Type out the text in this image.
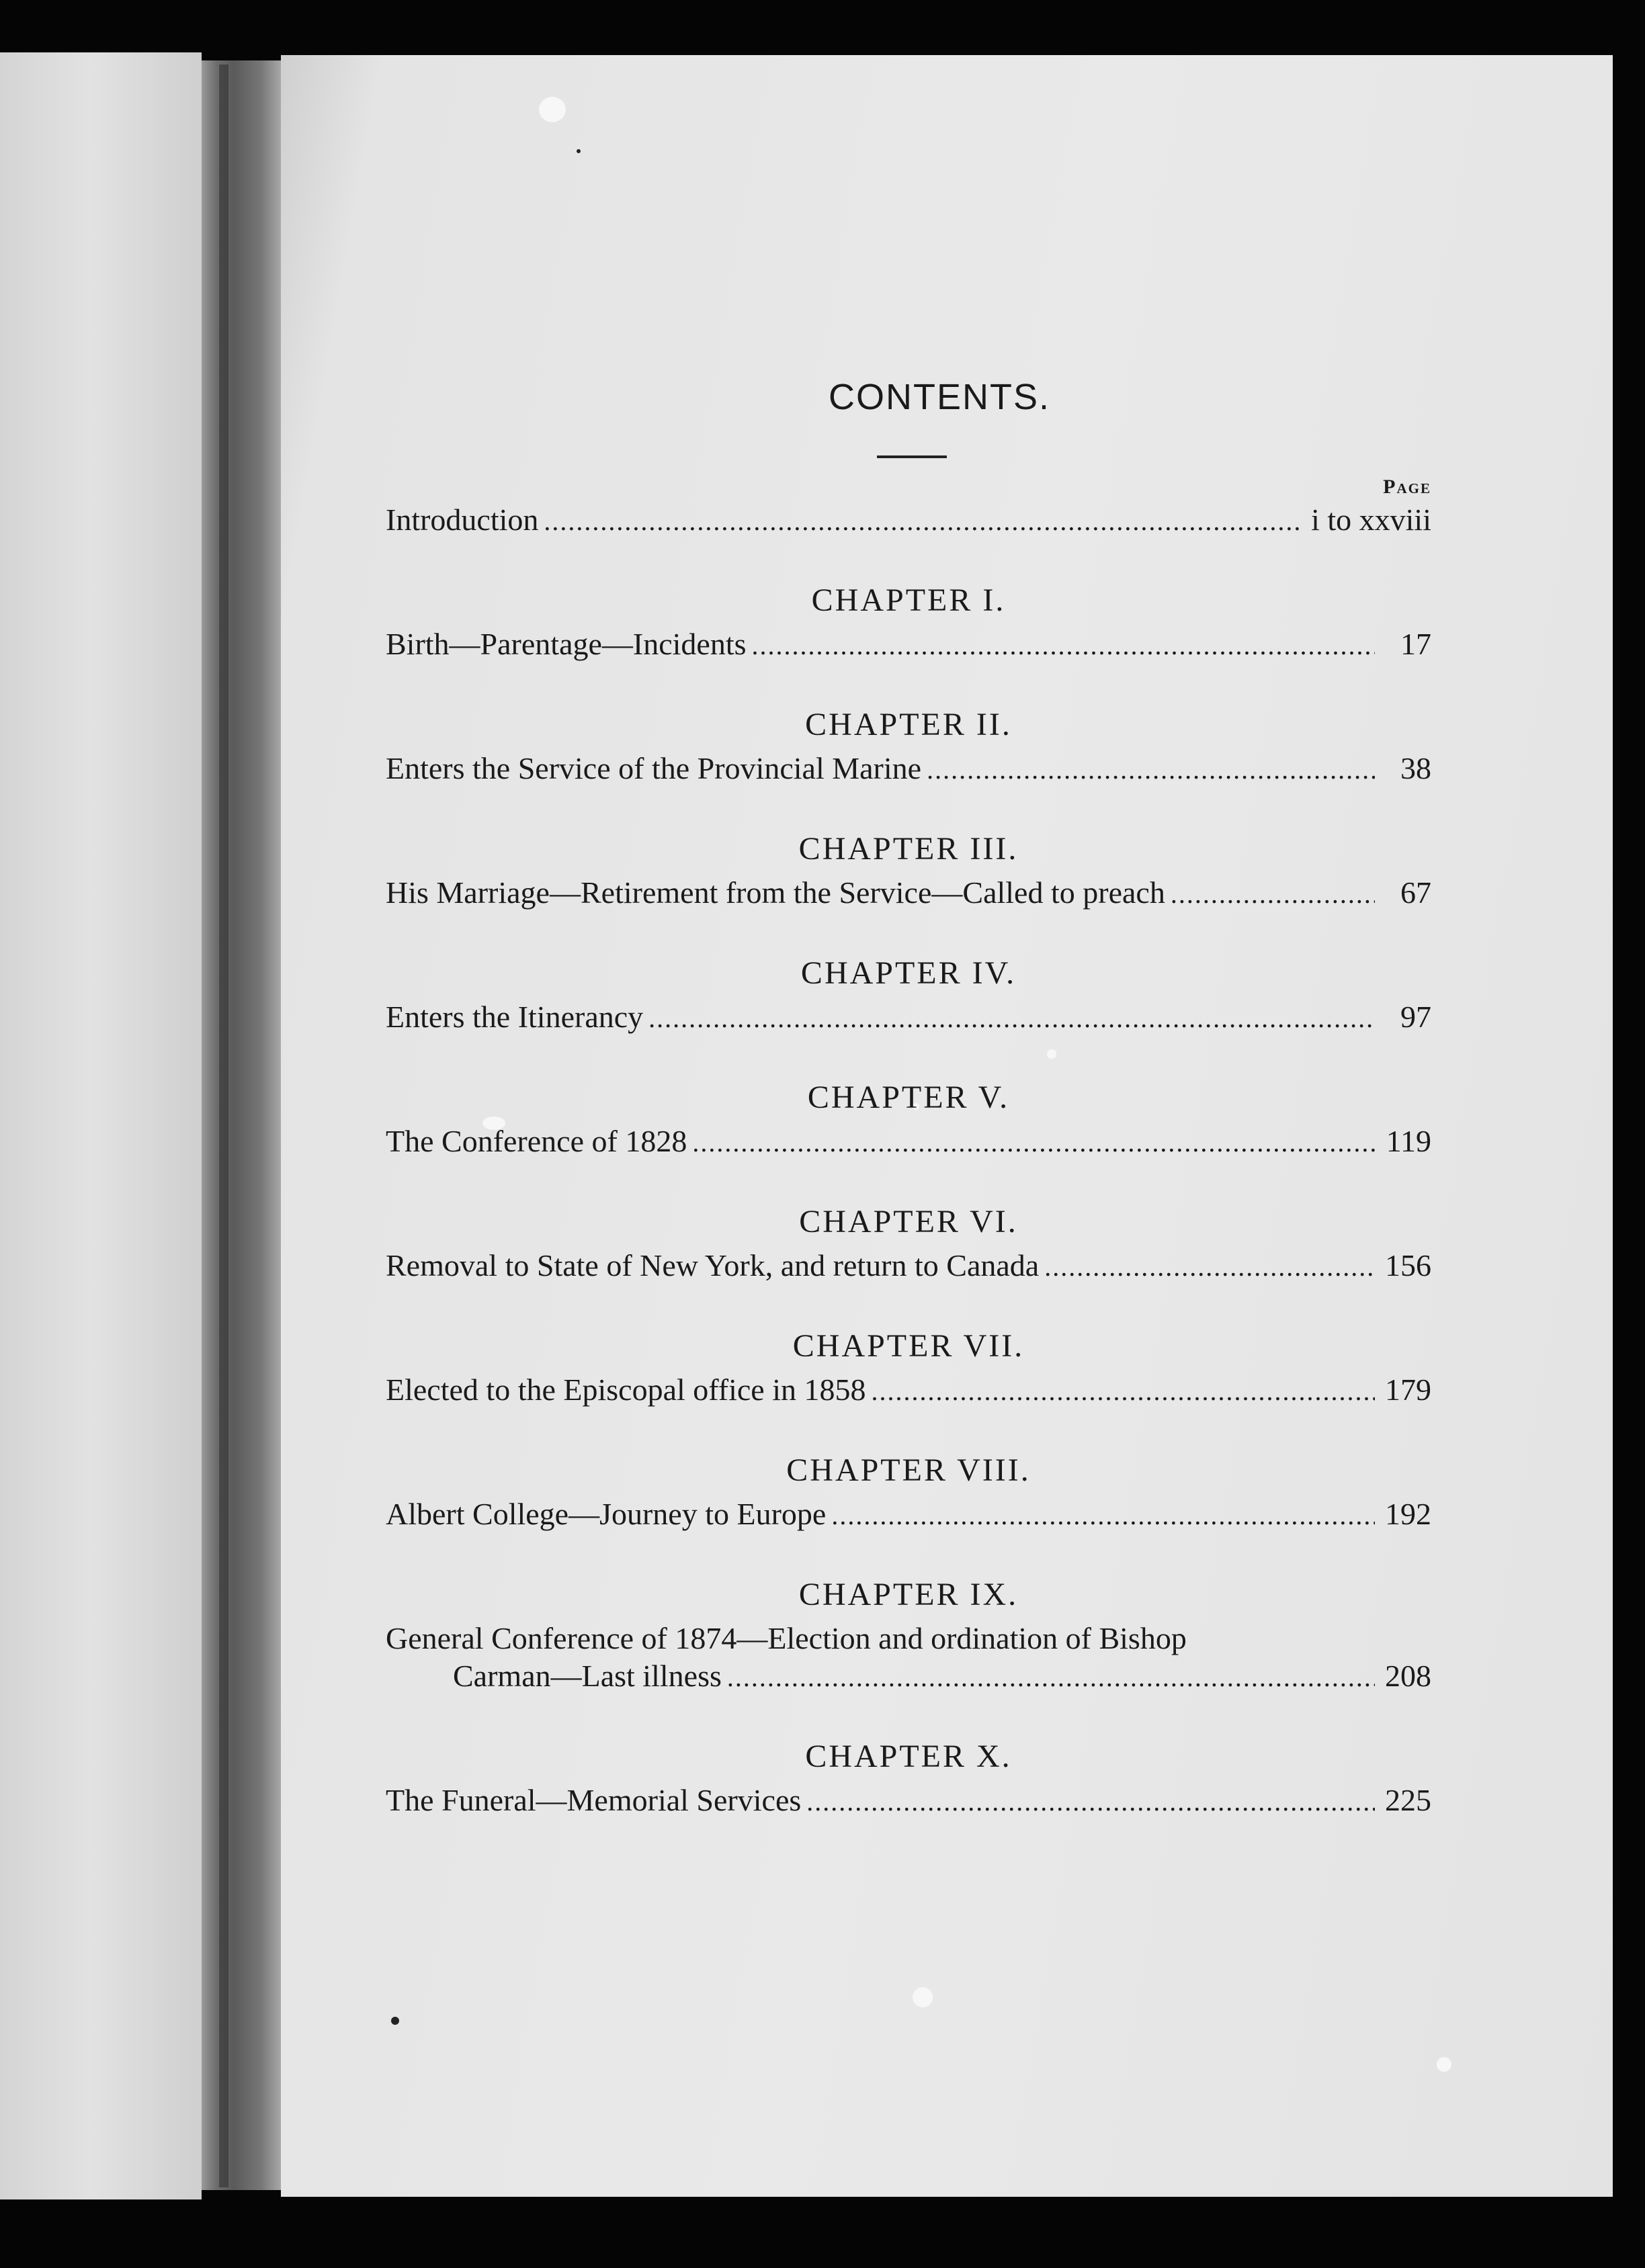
CONTENTS.
Page
Introduction . . .	i to xxviii
CHAPTER I.
Birth—Parentage—Incidents . . .	17
CHAPTER II.
Enters the Service of the Provincial Marine . . .	38
CHAPTER III.
His Marriage—Retirement from the Service—Called to preach . . .	67
CHAPTER IV.
Enters the Itinerancy . . .	97
CHAPTER V.
The Conference of 1828 . . .	119
CHAPTER VI.
Removal to State of New York, and return to Canada . . .	156
CHAPTER VII.
Elected to the Episcopal office in 1858 . . .	179
CHAPTER VIII.
Albert College—Journey to Europe . . .	192
CHAPTER IX.
General Conference of 1874—Election and ordination of Bishop
Carman—Last illness . . .	208
CHAPTER X.
The Funeral—Memorial Services . . .	225
